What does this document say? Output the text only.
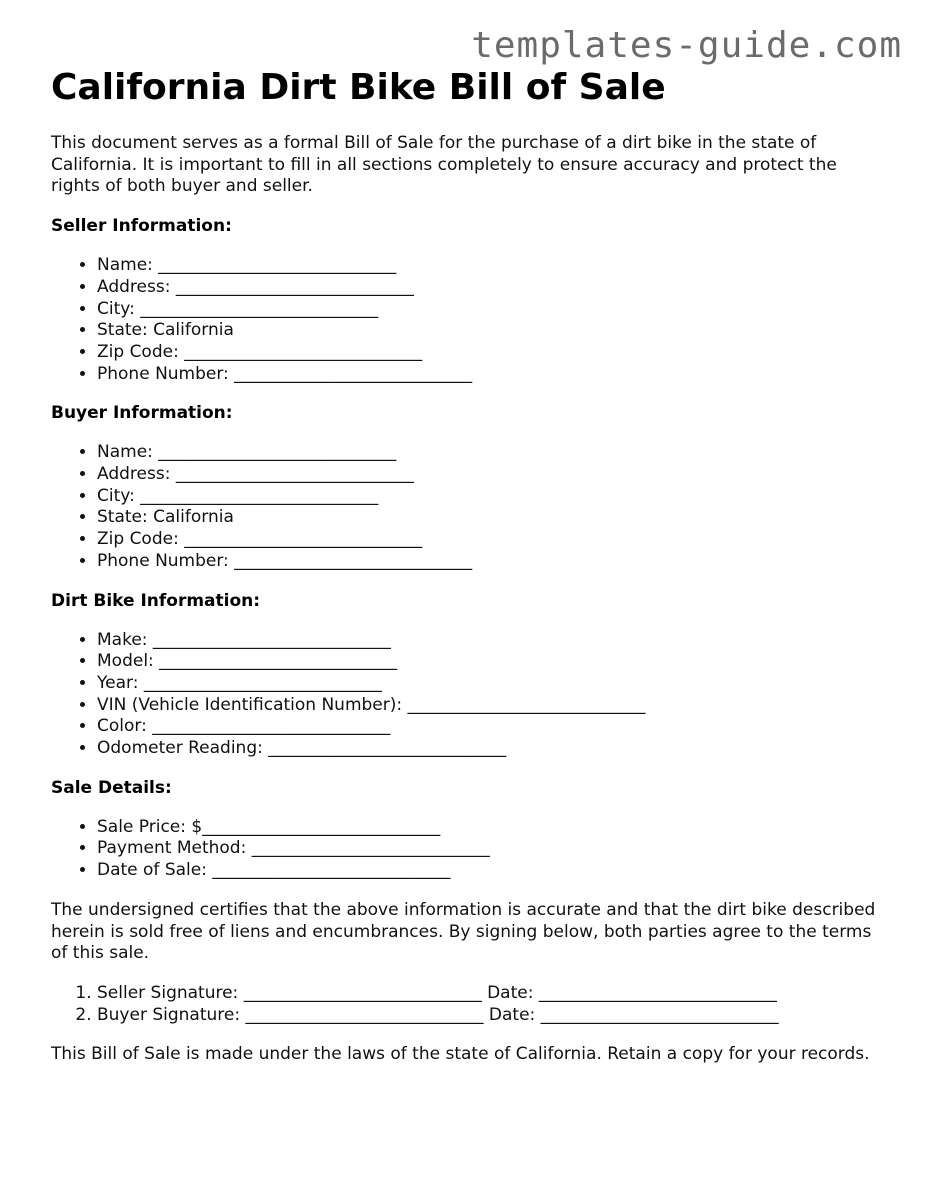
templates-guide.com

California Dirt Bike Bill of Sale

This document serves as a formal Bill of Sale for the purchase of a dirt bike in the state of California. It is important to fill in all sections completely to ensure accuracy and protect the rights of both buyer and seller.

Seller Information:
• Name: ____________________________
• Address: ____________________________
• City: ____________________________
• State: California
• Zip Code: ____________________________
• Phone Number: ____________________________
Buyer Information:
• Name: ____________________________
• Address: ____________________________
• City: ____________________________
• State: California
• Zip Code: ____________________________
• Phone Number: ____________________________
Dirt Bike Information:
• Make: ____________________________
• Model: ____________________________
• Year: ____________________________
• VIN (Vehicle Identification Number): ____________________________
• Color: ____________________________
• Odometer Reading: ____________________________
Sale Details:
• Sale Price: $____________________________
• Payment Method: ____________________________
• Date of Sale: ____________________________

The undersigned certifies that the above information is accurate and that the dirt bike described herein is sold free of liens and encumbrances. By signing below, both parties agree to the terms of this sale.

1. Seller Signature: ____________________________ Date: ____________________________
2. Buyer Signature: ____________________________ Date: ____________________________

This Bill of Sale is made under the laws of the state of California. Retain a copy for your records.
